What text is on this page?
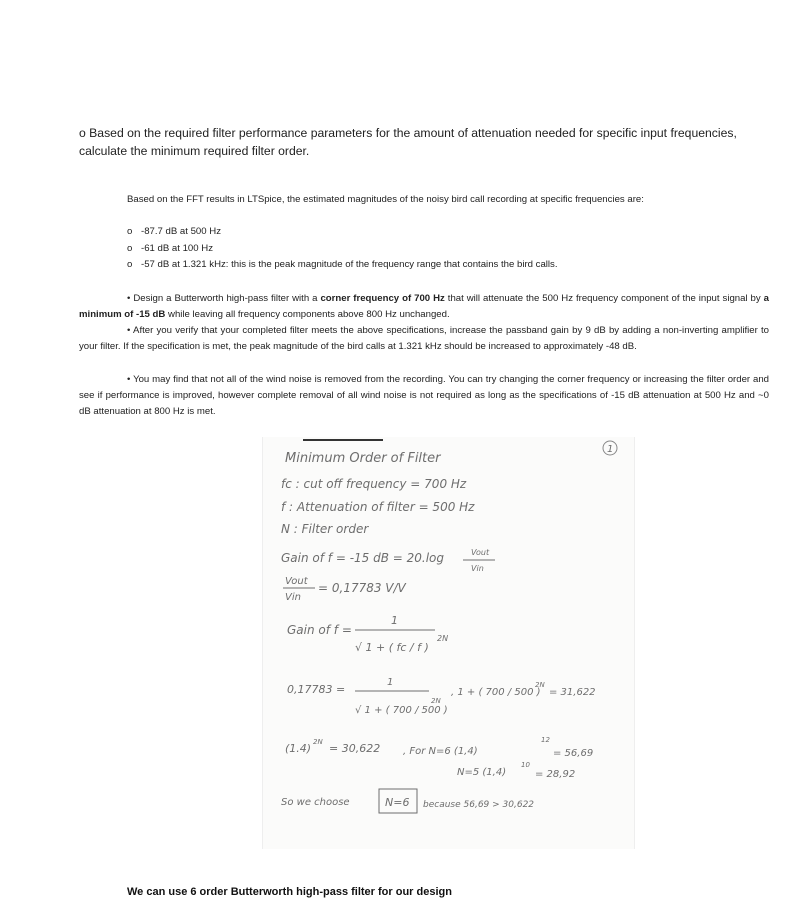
o Based on the required filter performance parameters for the amount of attenuation needed for specific input frequencies, calculate the minimum required filter order.
Based on the FFT results in LTSpice, the estimated magnitudes of the noisy bird call recording at specific frequencies are:
o -87.7 dB at 500 Hz
o -61 dB at 100 Hz
o -57 dB at 1.321 kHz: this is the peak magnitude of the frequency range that contains the bird calls.
• Design a Butterworth high-pass filter with a corner frequency of 700 Hz that will attenuate the 500 Hz frequency component of the input signal by a minimum of -15 dB while leaving all frequency components above 800 Hz unchanged.
• After you verify that your completed filter meets the above specifications, increase the passband gain by 9 dB by adding a non-inverting amplifier to your filter. If the specification is met, the peak magnitude of the bird calls at 1.321 kHz should be increased to approximately -48 dB.
• You may find that not all of the wind noise is removed from the recording. You can try changing the corner frequency or increasing the filter order and see if performance is improved, however complete removal of all wind noise is not required as long as the specifications of -15 dB attenuation at 500 Hz and ~0 dB attenuation at 800 Hz is met.
1
Minimum Order of Filter
fc : cut off frequency = 700 Hz
f : Attenuation of filter = 500 Hz
N : Filter order
Gain of f = -15 dB = 20.log	Vout
Vin
Vout
Vin
= 0,17783 V/V
Gain of f =
1
√ 1 + ( fc / f )
2N
0,17783 =
1
√ 1 + ( 700 / 500 )
2N
, 1 + ( 700 / 500 )
2N
= 31,622
(1.4) 2N = 30,622 , For N=6 (1,4)
12
= 56,69
N=5 (1,4)
10
= 28,92
So we choose	N=6 because 56,69 > 30,622
We can use 6 order Butterworth high-pass filter for our design
